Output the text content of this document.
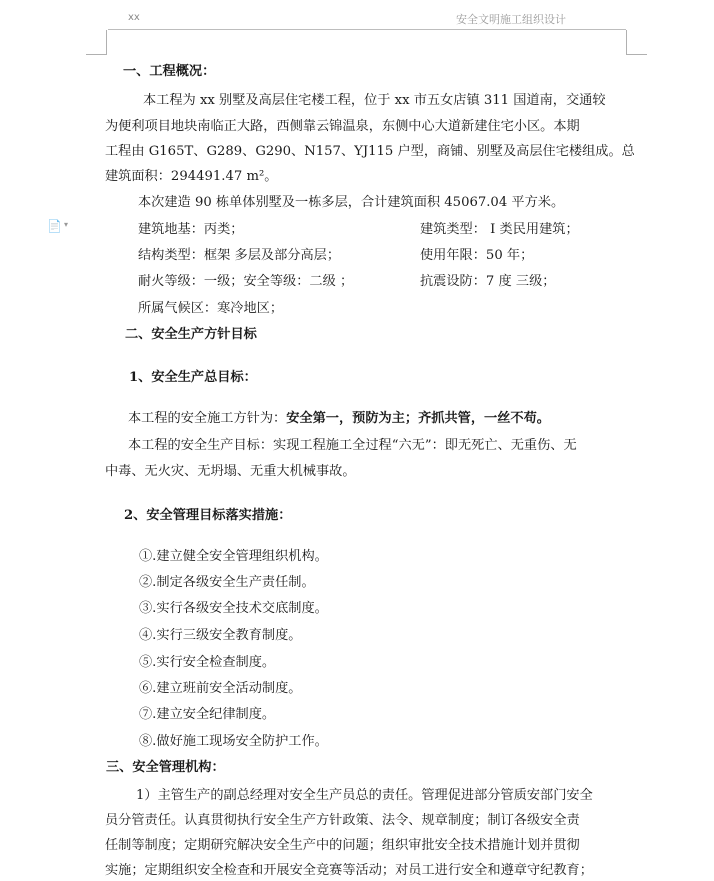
xx	安全文明施工组织设计
📄 ▾
一、工程概况：
本工程为 xx 别墅及高层住宅楼工程，位于 xx 市五女店镇 311 国道南，交通较
为便利项目地块南临正大路，西侧靠云锦温泉，东侧中心大道新建住宅小区。本期
工程由 G165T、G289、G290、N157、YJ115 户型，商铺、别墅及高层住宅楼组成。总
建筑面积：294491.47 m²。
本次建造 90 栋单体别墅及一栋多层，合计建筑面积 45067.04 平方米。
建筑地基：丙类；	建筑类型： I 类民用建筑；
结构类型：框架 多层及部分高层；	使用年限：50 年；
耐火等级：一级；安全等级：二级 ；	抗震设防：7 度 三级；
所属气候区：寒冷地区；
二、安全生产方针目标
1、安全生产总目标：
本工程的安全施工方针为：安全第一，预防为主；齐抓共管，一丝不苟。
本工程的安全生产目标：实现工程施工全过程“六无”：即无死亡、无重伤、无
中毒、无火灾、无坍塌、无重大机械事故。
2、安全管理目标落实措施：
①.建立健全安全管理组织机构。
②.制定各级安全生产责任制。
③.实行各级安全技术交底制度。
④.实行三级安全教育制度。
⑤.实行安全检查制度。
⑥.建立班前安全活动制度。
⑦.建立安全纪律制度。
⑧.做好施工现场安全防护工作。
三、安全管理机构：
1）主管生产的副总经理对安全生产员总的责任。管理促进部分管质安部门安全
员分管责任。认真贯彻执行安全生产方针政策、法令、规章制度；制订各级安全责
任制等制度；定期研究解决安全生产中的问题；组织审批安全技术措施计划并贯彻
实施；定期组织安全检查和开展安全竞赛等活动；对员工进行安全和遵章守纪教育；
